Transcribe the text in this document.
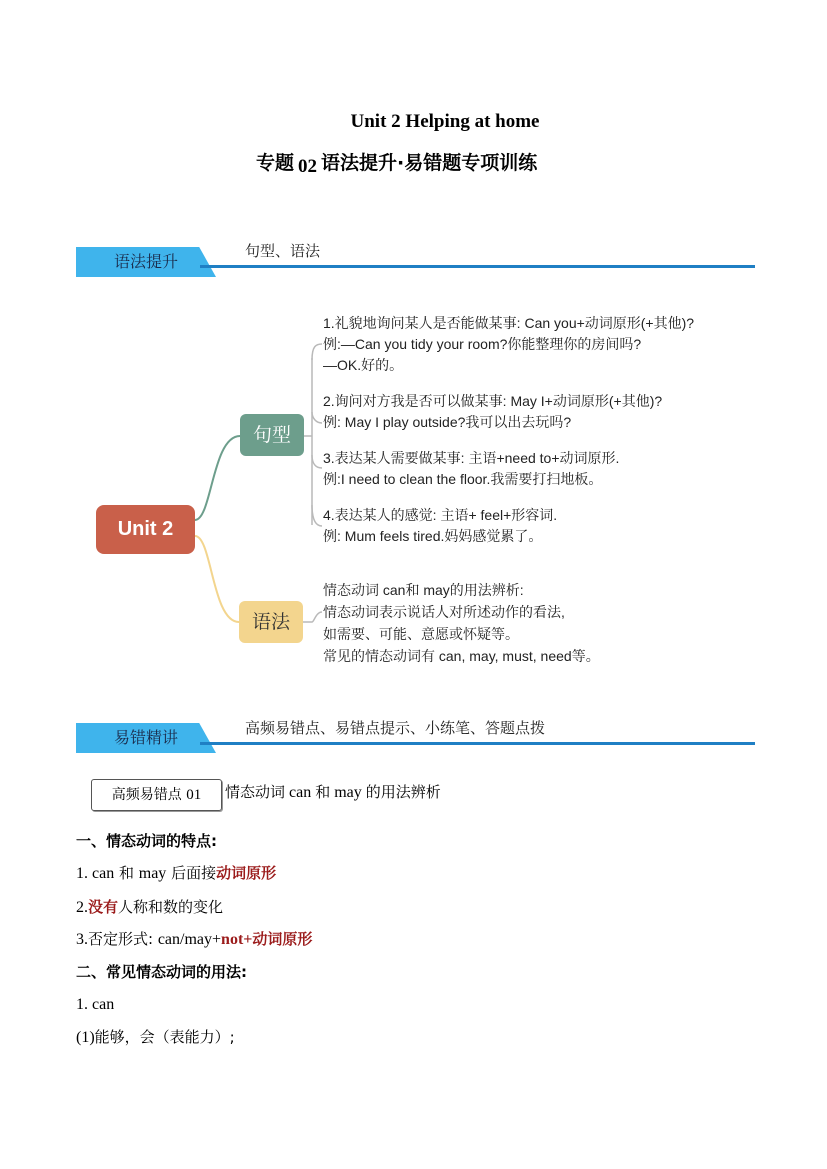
Unit 2 Helping at home
专题 02 语法提升·易错题专项训练
语法提升
句型、语法
Unit 2
句型
语法
1.礼貌地询问某人是否能做某事: Can you+动词原形(+其他)?
例:—Can you tidy your room?你能整理你的房间吗?
—OK.好的。
2.询问对方我是否可以做某事: May I+动词原形(+其他)?
例: May I play outside?我可以出去玩吗?
3.表达某人需要做某事: 主语+need to+动词原形.
例:I need to clean the floor.我需要打扫地板。
4.表达某人的感觉: 主语+ feel+形容词.
例: Mum feels tired.妈妈感觉累了。
情态动词 can和 may的用法辨析:
情态动词表示说话人对所述动作的看法,
如需要、可能、意愿或怀疑等。
常见的情态动词有 can, may, must, need等。
易错精讲	高频易错点、易错点提示、小练笔、答题点拨
高频易错点 01	情态动词 can 和 may 的用法辨析
一、情态动词的特点:
1. can 和 may 后面接动词原形
2.没有人称和数的变化
3.否定形式: can/may+not+动词原形
二、常见情态动词的用法:
1. can
(1)能够，会（表能力）;
